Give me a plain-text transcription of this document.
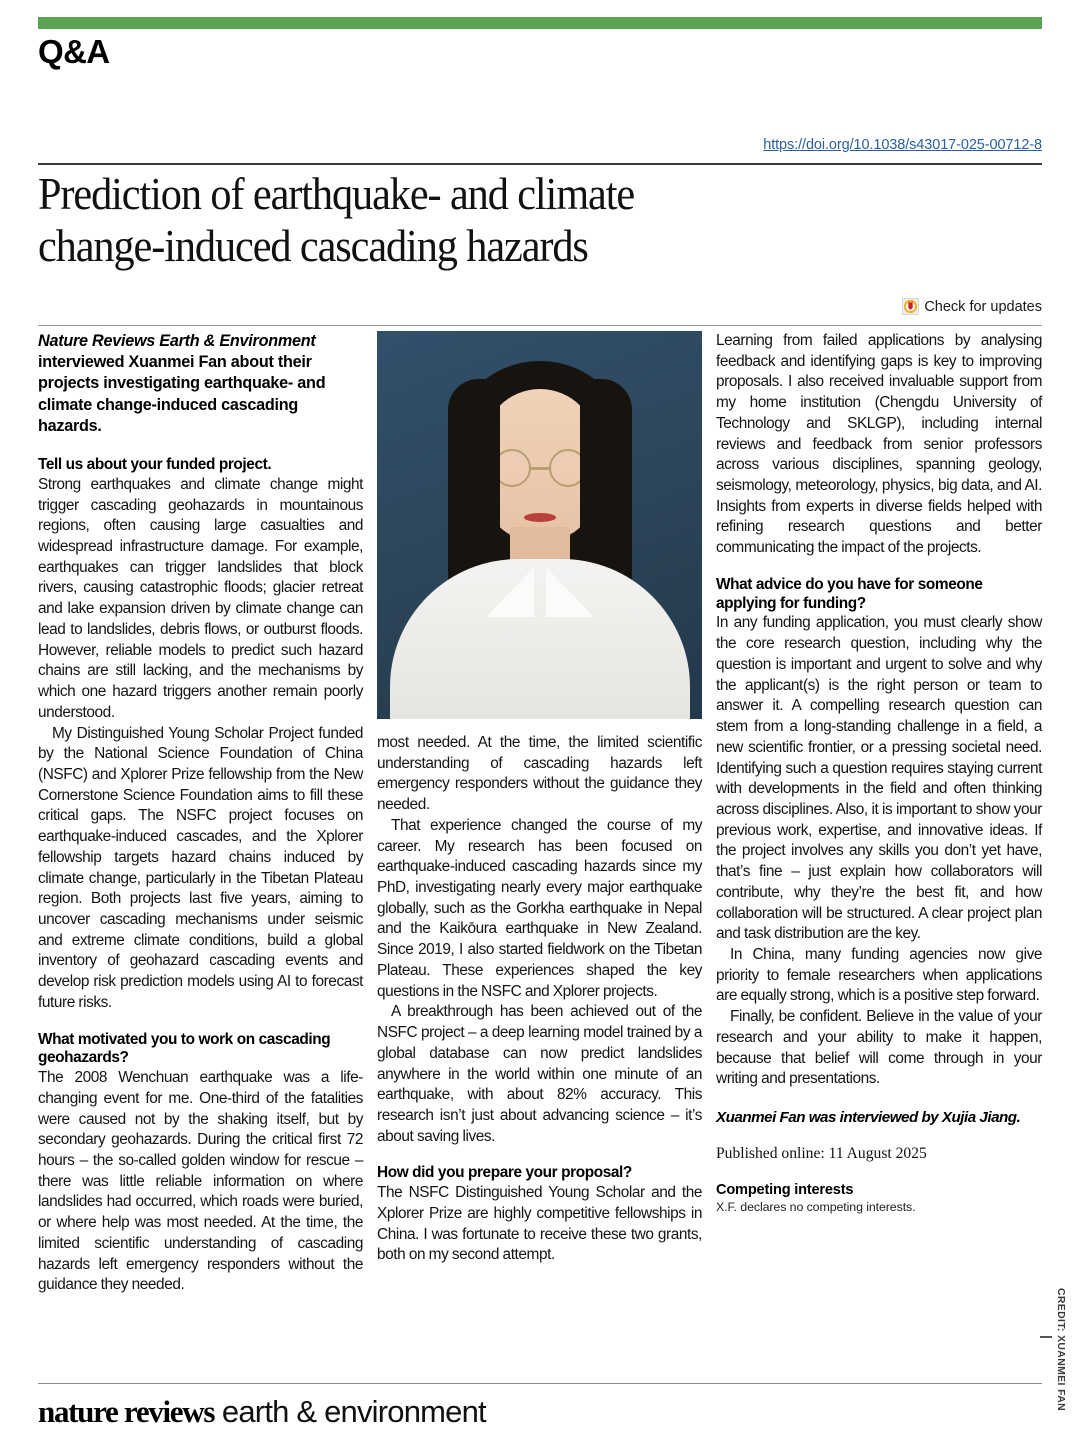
Q&A
https://doi.org/10.1038/s43017-025-00712-8
Prediction of earthquake- and climate
change-induced cascading hazards
Check for updates

Nature Reviews Earth & Environment interviewed Xuanmei Fan about their projects investigating earthquake- and climate change-induced cascading hazards.

Tell us about your funded project.

Strong earthquakes and climate change might trigger cascading geohazards in mountainous regions, often causing large casualties and widespread infrastructure damage. For example, earthquakes can trigger landslides that block rivers, causing catastrophic floods; glacier retreat and lake expansion driven by climate change can lead to landslides, debris flows, or outburst floods. However, reliable models to predict such hazard chains are still lacking, and the mechanisms by which one hazard triggers another remain poorly understood.

My Distinguished Young Scholar Project funded by the National Science Foundation of China (NSFC) and Xplorer Prize fellowship from the New Cornerstone Science Foundation aims to fill these critical gaps. The NSFC project focuses on earthquake-induced cascades, and the Xplorer fellowship targets hazard chains induced by climate change, particularly in the Tibetan Plateau region. Both projects last five years, aiming to uncover cascading mechanisms under seismic and extreme climate conditions, build a global inventory of geohazard cascading events and develop risk prediction models using AI to forecast future risks.

What motivated you to work on cascading geohazards?

The 2008 Wenchuan earthquake was a life-changing event for me. One-third of the fatalities were caused not by the shaking itself, but by secondary geohazards. During the critical first 72 hours – the so-called golden window for rescue – there was little reliable information on where landslides had occurred, which roads were buried, or where help was most needed. At the time, the limited scientific understanding of cascading hazards left emergency responders without the guidance they needed.

most needed. At the time, the limited scientific understanding of cascading hazards left emergency responders without the guidance they needed.

That experience changed the course of my career. My research has been focused on earthquake-induced cascading hazards since my PhD, investigating nearly every major earthquake globally, such as the Gorkha earthquake in Nepal and the Kaikōura earthquake in New Zealand. Since 2019, I also started fieldwork on the Tibetan Plateau. These experiences shaped the key questions in the NSFC and Xplorer projects.

A breakthrough has been achieved out of the NSFC project – a deep learning model trained by a global database can now predict landslides anywhere in the world within one minute of an earthquake, with about 82% accuracy. This research isn’t just about advancing science – it’s about saving lives.

How did you prepare your proposal?

The NSFC Distinguished Young Scholar and the Xplorer Prize are highly competitive fellowships in China. I was fortunate to receive these two grants, both on my second attempt.

Learning from failed applications by analysing feedback and identifying gaps is key to improving proposals. I also received invaluable support from my home institution (Chengdu University of Technology and SKLGP), including internal reviews and feedback from senior professors across various disciplines, spanning geology, seismology, meteorology, physics, big data, and AI. Insights from experts in diverse fields helped with refining research questions and better communicating the impact of the projects.

What advice do you have for someone applying for funding?

In any funding application, you must clearly show the core research question, including why the question is important and urgent to solve and why the applicant(s) is the right person or team to answer it. A compelling research question can stem from a long-standing challenge in a field, a new scientific frontier, or a pressing societal need. Identifying such a question requires staying current with developments in the field and often thinking across disciplines. Also, it is important to show your previous work, expertise, and innovative ideas. If the project involves any skills you don’t yet have, that’s fine – just explain how collaborators will contribute, why they’re the best fit, and how collaboration will be structured. A clear project plan and task distribution are the key.

In China, many funding agencies now give priority to female researchers when applications are equally strong, which is a positive step forward.

Finally, be confident. Believe in the value of your research and your ability to make it happen, because that belief will come through in your writing and presentations.

Xuanmei Fan was interviewed by Xujia Jiang.

Published online: 11 August 2025

Competing interests

X.F. declares no competing interests.

CREDIT: XUANMEI FAN
nature reviews earth & environment
